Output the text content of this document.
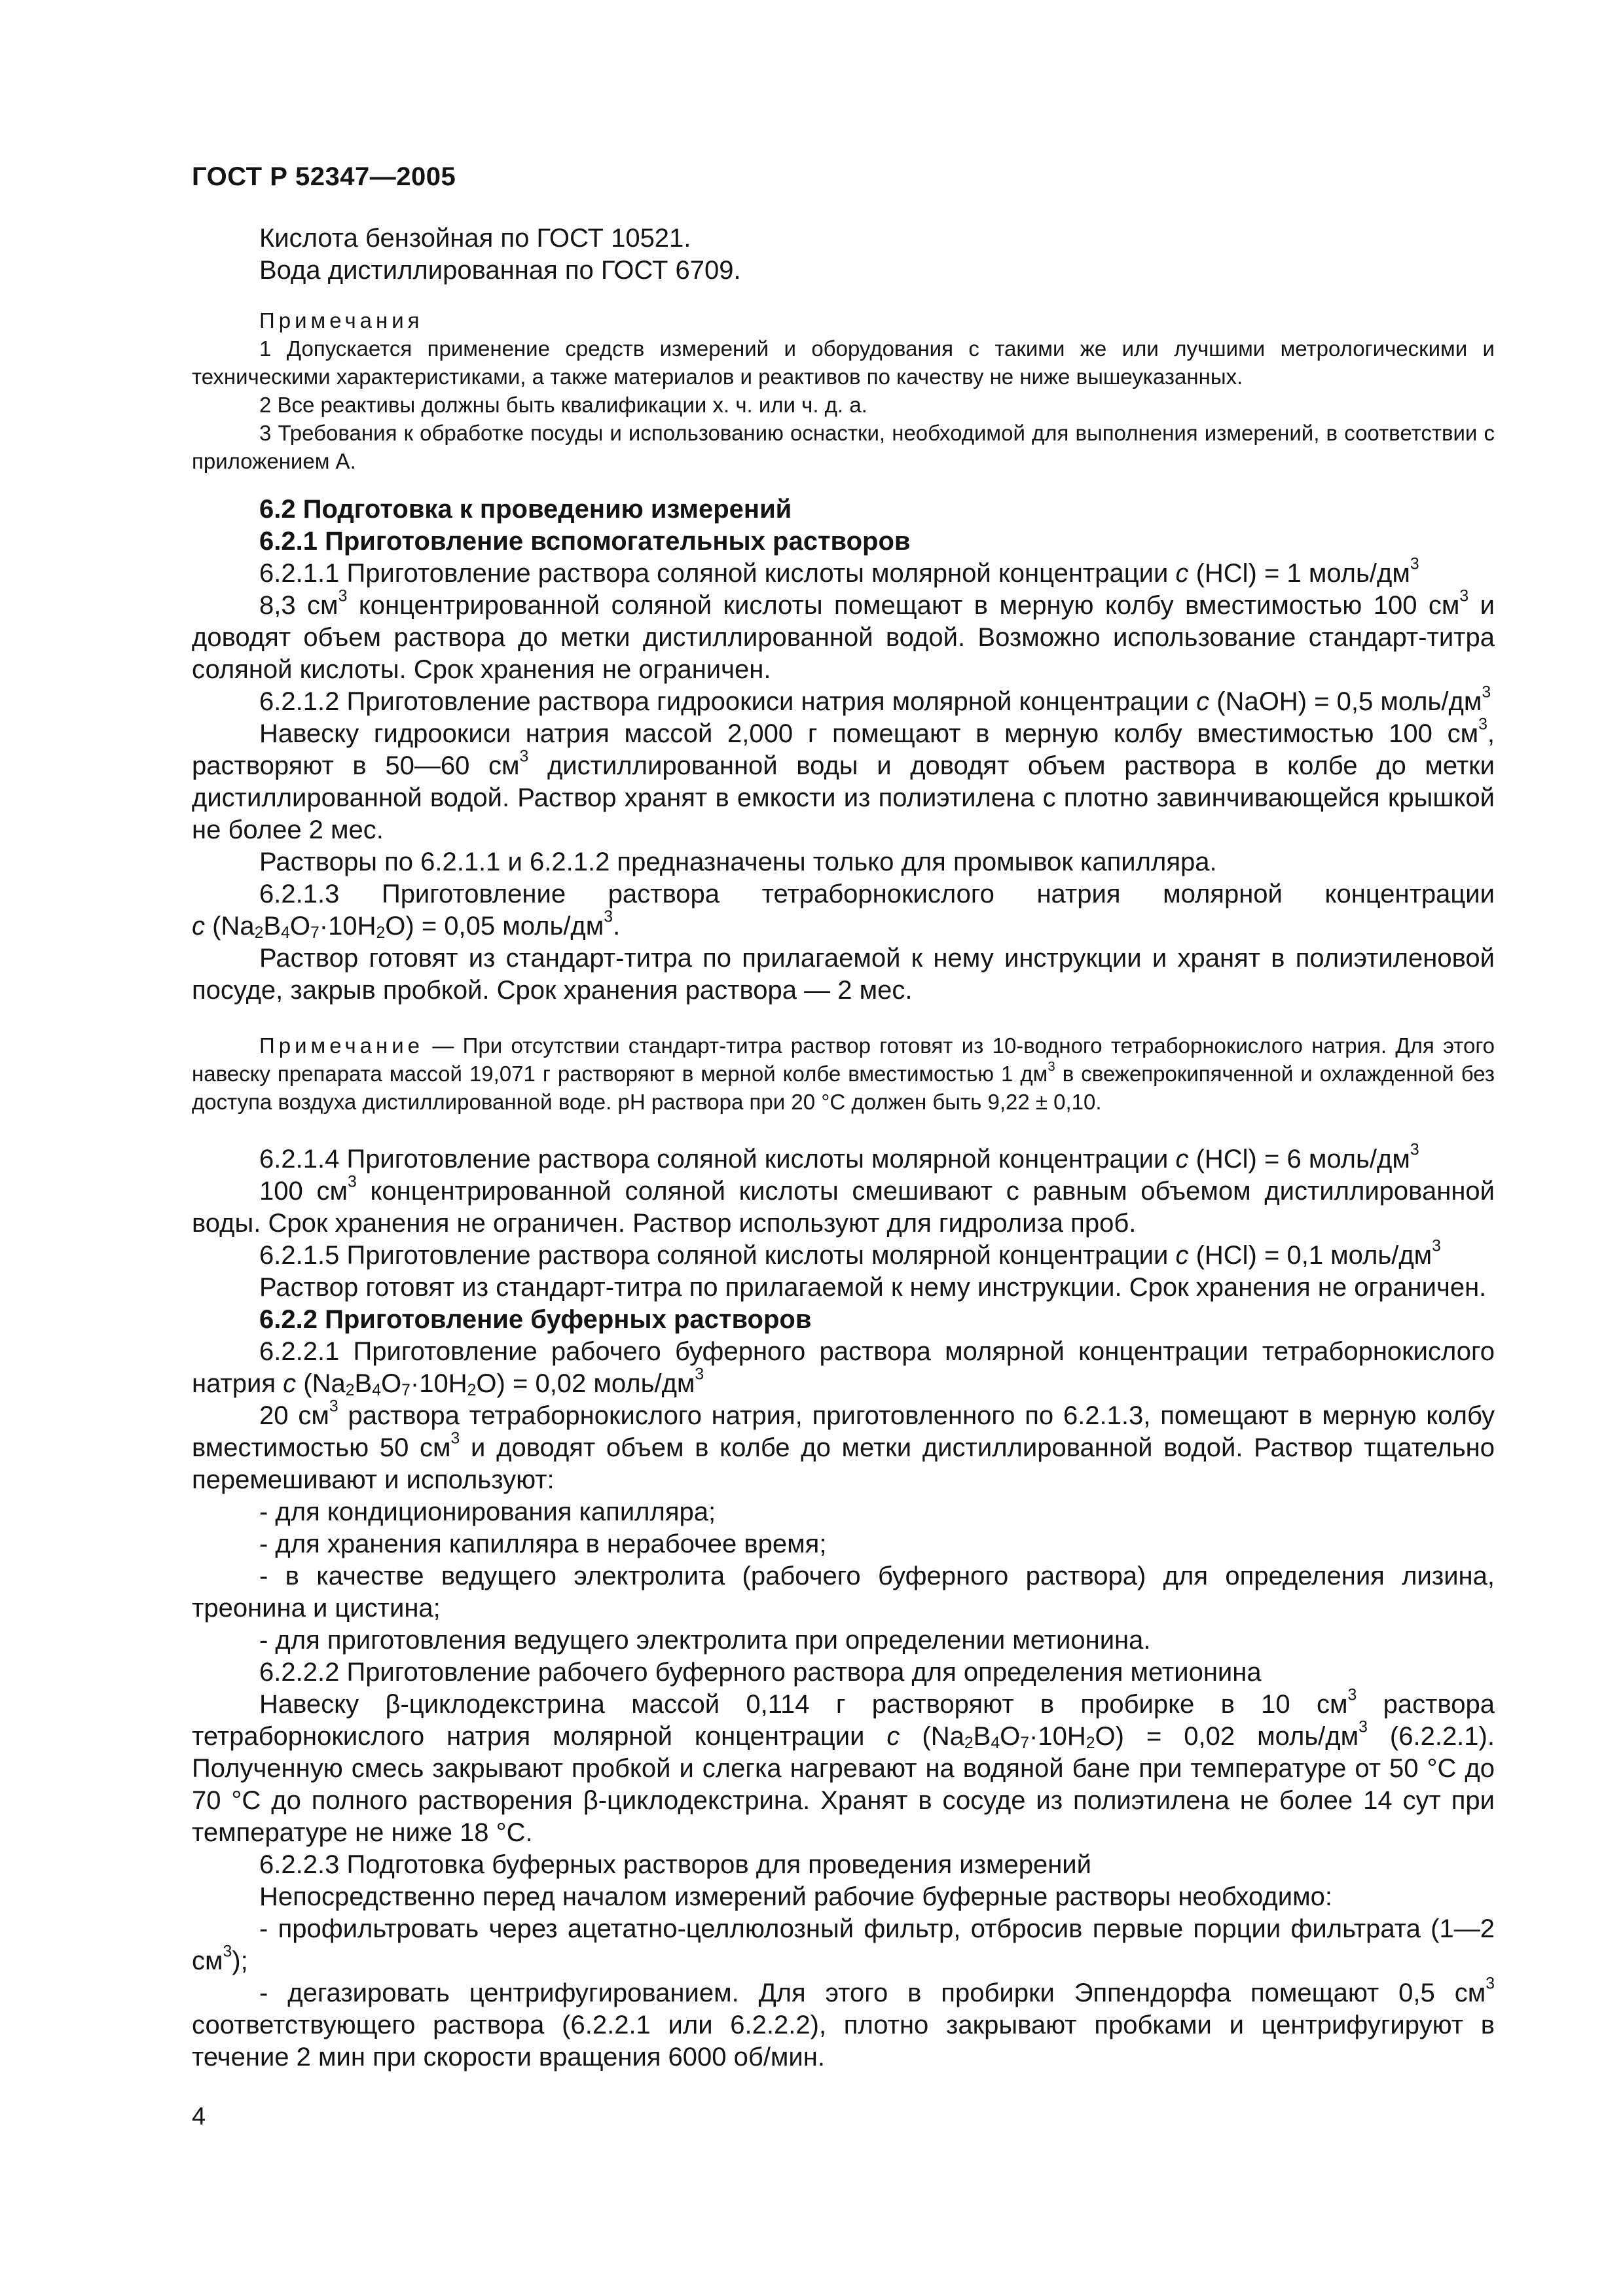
ГОСТ Р 52347—2005

Кислота бензойная по ГОСТ 10521.

Вода дистиллированная по ГОСТ 6709.

Примечания

1 Допускается применение средств измерений и оборудования с такими же или лучшими метрологическими и техническими характеристиками, а также материалов и реактивов по качеству не ниже вышеуказанных.

2 Все реактивы должны быть квалификации х. ч. или ч. д. а.

3 Требования к обработке посуды и использованию оснастки, необходимой для выполнения измерений, в соответствии с приложением А.

6.2 Подготовка к проведению измерений

6.2.1 Приготовление вспомогательных растворов

6.2.1.1 Приготовление раствора соляной кислоты молярной концентрации c (HCl) = 1 моль/$дм^3$

8,3 $см^3$ концентрированной соляной кислоты помещают в мерную колбу вместимостью 100 $см^3$ и доводят объем раствора до метки дистиллированной водой. Возможно использование стандарт-титра соляной кислоты. Срок хранения не ограничен.

6.2.1.2 Приготовление раствора гидроокиси натрия молярной концентрации c (NaOH) = 0,5 моль/$дм^3$

Навеску гидроокиси натрия массой 2,000 г помещают в мерную колбу вместимостью 100 $см^3$, растворяют в 50—60 $см^3$ дистиллированной воды и доводят объем раствора в колбе до метки дистиллированной водой. Раствор хранят в емкости из полиэтилена с плотно завинчивающейся крышкой не более 2 мес.

Растворы по 6.2.1.1 и 6.2.1.2 предназначены только для промывок капилляра.

6.2.1.3 Приготовление раствора тетраборнокислого натрия молярной концентрации

c $(Na_2B_4O_7\cdot 10H_2O) = 0,05$ моль/$дм^3$.

Раствор готовят из стандарт-титра по прилагаемой к нему инструкции и хранят в полиэтиленовой посуде, закрыв пробкой. Срок хранения раствора — 2 мес.

Примечание — При отсутствии стандарт-титра раствор готовят из 10-водного тетраборнокислого натрия. Для этого навеску препарата массой 19,071 г растворяют в мерной колбе вместимостью 1 $дм^3$ в свежепрокипяченной и охлажденной без доступа воздуха дистиллированной воде. pH раствора при 20 °C должен быть 9,22 ± 0,10.

6.2.1.4 Приготовление раствора соляной кислоты молярной концентрации c (HCl) = 6 моль/$дм^3$

100 $см^3$ концентрированной соляной кислоты смешивают с равным объемом дистиллированной воды. Срок хранения не ограничен. Раствор используют для гидролиза проб.

6.2.1.5 Приготовление раствора соляной кислоты молярной концентрации c (HCl) = 0,1 моль/$дм^3$

Раствор готовят из стандарт-титра по прилагаемой к нему инструкции. Срок хранения не ограничен.

6.2.2 Приготовление буферных растворов

6.2.2.1 Приготовление рабочего буферного раствора молярной концентрации тетраборнокислого натрия c $(Na_2B_4O_7\cdot 10H_2O) = 0,02$ моль/$дм^3$

20 $см^3$ раствора тетраборнокислого натрия, приготовленного по 6.2.1.3, помещают в мерную колбу вместимостью 50 $см^3$ и доводят объем в колбе до метки дистиллированной водой. Раствор тщательно перемешивают и используют:

- для кондиционирования капилляра;

- для хранения капилляра в нерабочее время;

- в качестве ведущего электролита (рабочего буферного раствора) для определения лизина, треонина и цистина;

- для приготовления ведущего электролита при определении метионина.

6.2.2.2 Приготовление рабочего буферного раствора для определения метионина

Навеску β-циклодекстрина массой 0,114 г растворяют в пробирке в 10 $см^3$ раствора тетраборнокислого натрия молярной концентрации c $(Na_2B_4O_7\cdot 10H_2O) = 0,02$ моль/$дм^3$ (6.2.2.1). Полученную смесь закрывают пробкой и слегка нагревают на водяной бане при температуре от 50 °C до 70 °C до полного растворения β-циклодекстрина. Хранят в сосуде из полиэтилена не более 14 сут при температуре не ниже 18 °C.

6.2.2.3 Подготовка буферных растворов для проведения измерений

Непосредственно перед началом измерений рабочие буферные растворы необходимо:

- профильтровать через ацетатно-целлюлозный фильтр, отбросив первые порции фильтрата (1—2 $см^3$);

- дегазировать центрифугированием. Для этого в пробирки Эппендорфа помещают 0,5 $см^3$ соответствующего раствора (6.2.2.1 или 6.2.2.2), плотно закрывают пробками и центрифугируют в течение 2 мин при скорости вращения 6000 об/мин.

4
